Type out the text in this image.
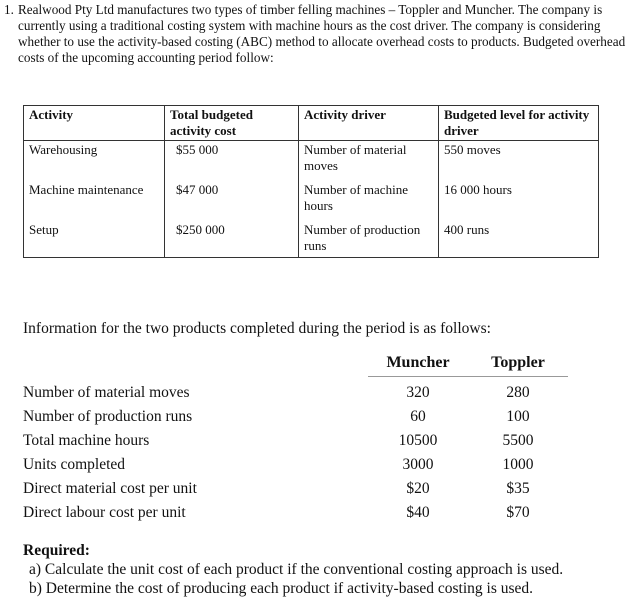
1. Realwood Pty Ltd manufactures two types of timber felling machines – Toppler and Muncher. The company is currently using a traditional costing system with machine hours as the cost driver. The company is considering whether to use the activity-based costing (ABC) method to allocate overhead costs to products. Budgeted overhead costs of the upcoming accounting period follow:
Activity	Total budgeted activity cost	Activity driver	Budgeted level for activity driver
Warehousing	$55 000	Number of material moves	550 moves
Machine maintenance	$47 000	Number of machine hours	16 000 hours
Setup	$250 000	Number of production runs	400 runs
Information for the two products completed during the period is as follows:
	Muncher	Toppler
Number of material moves	320	280
Number of production runs	60	100
Total machine hours	10500	5500
Units completed	3000	1000
Direct material cost per unit	$20	$35
Direct labour cost per unit	$40	$70
Required:
a) Calculate the unit cost of each product if the conventional costing approach is used.
b) Determine the cost of producing each product if activity-based costing is used.
